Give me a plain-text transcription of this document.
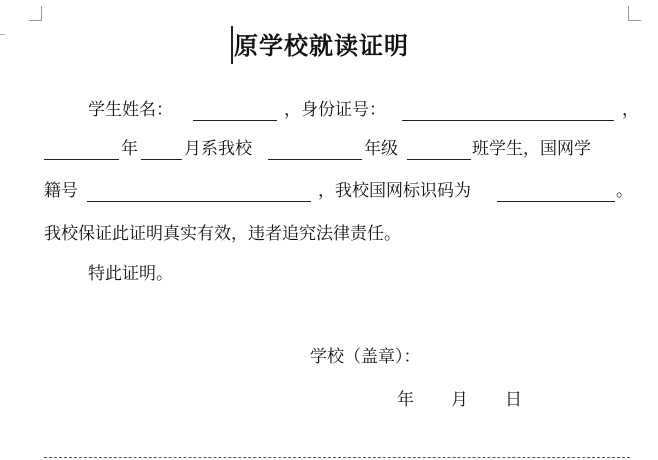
原学校就读证明
学生姓名：	，身份证号：	，
年	月系我校	年级	班学生，国网学
籍号	，我校国网标识码为	。
我校保证此证明真实有效，违者追究法律责任。
特此证明。
学校（盖章）：
年 月 日
